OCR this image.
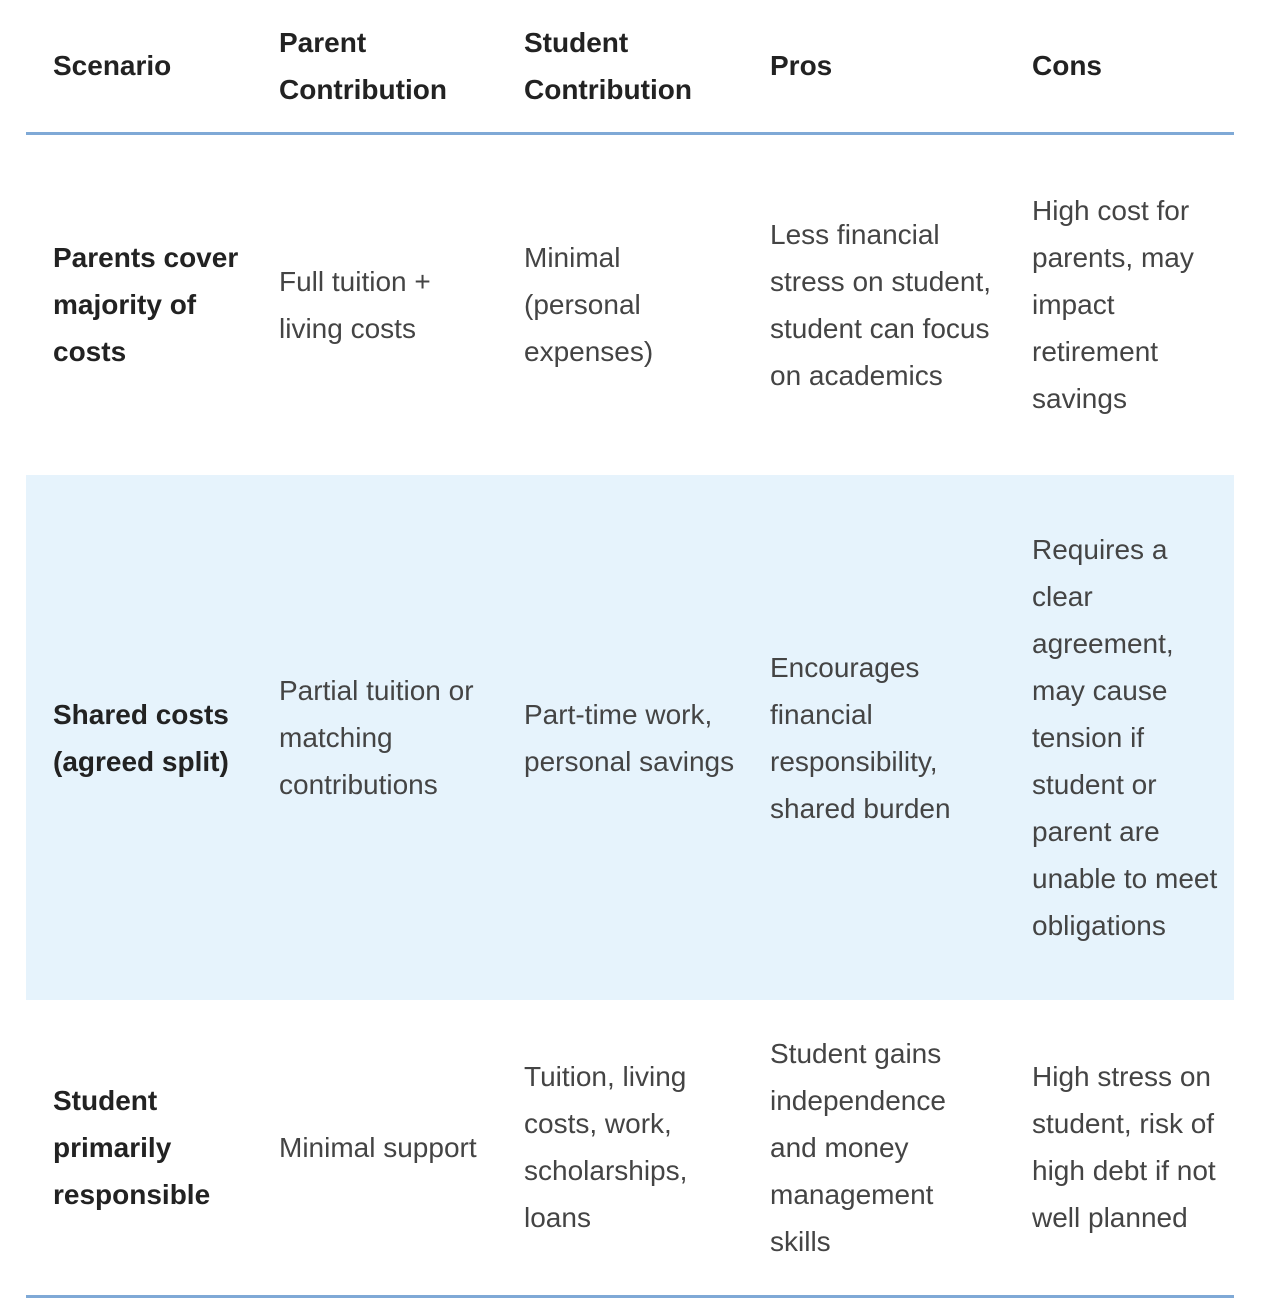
Scenario	Parent Contribution	Student Contribution	Pros	Cons
Parents cover majority of costs	Full tuition + living costs	Minimal (personal expenses)	Less financial stress on student, student can focus on academics	High cost for parents, may impact retirement savings
Shared costs (agreed split)	Partial tuition or matching contributions	Part-time work, personal savings	Encourages financial responsibility, shared burden	Requires a clear agreement, may cause tension if student or parent are unable to meet obligations
Student primarily responsible	Minimal support	Tuition, living costs, work, scholarships, loans	Student gains independence and money management skills	High stress on student, risk of high debt if not well planned
